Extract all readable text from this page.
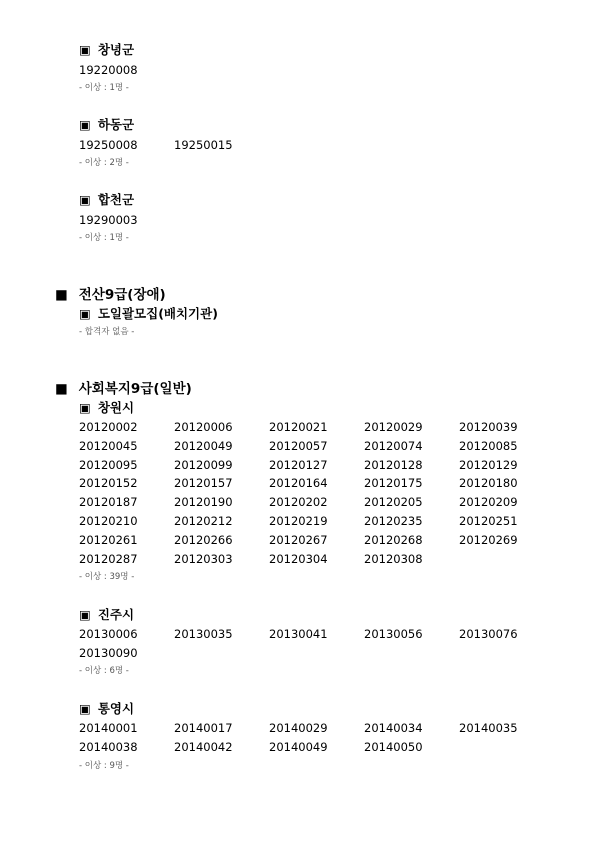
▣ 창녕군
19220008
- 이상 : 1명 -
▣ 하동군
19250008	19250015
- 이상 : 2명 -
▣ 합천군
19290003
- 이상 : 1명 -
■ 전산9급(장애)
▣ 도일괄모집(배치기관)
- 합격자 없음 -
■ 사회복지9급(일반)
▣ 창원시
20120002	20120006	20120021	20120029	20120039
20120045	20120049	20120057	20120074	20120085
20120095	20120099	20120127	20120128	20120129
20120152	20120157	20120164	20120175	20120180
20120187	20120190	20120202	20120205	20120209
20120210	20120212	20120219	20120235	20120251
20120261	20120266	20120267	20120268	20120269
20120287	20120303	20120304	20120308
- 이상 : 39명 -
▣ 진주시
20130006	20130035	20130041	20130056	20130076
20130090
- 이상 : 6명 -
▣ 통영시
20140001	20140017	20140029	20140034	20140035
20140038	20140042	20140049	20140050
- 이상 : 9명 -
